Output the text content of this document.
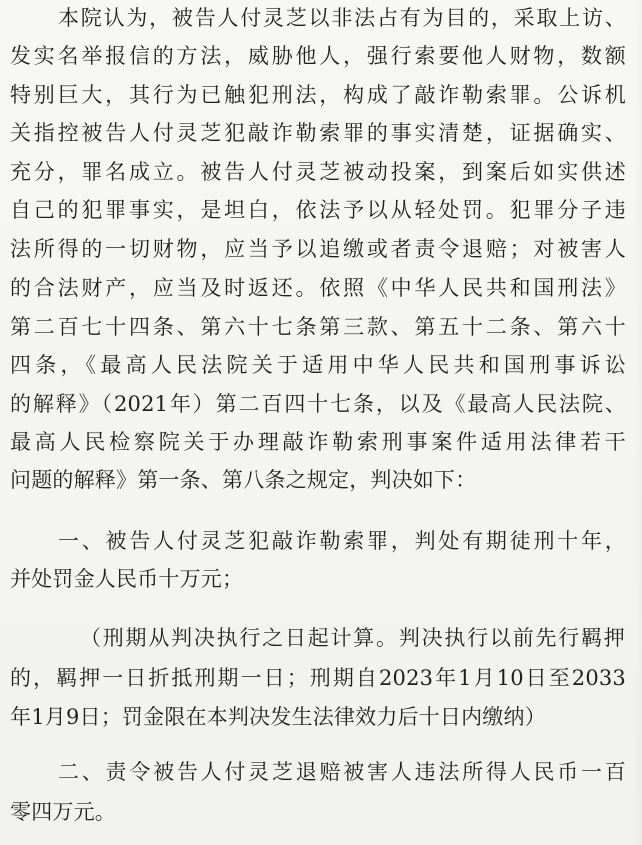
本院认为，被告人付灵芝以非法占有为目的，采取上访、
发实名举报信的方法，威胁他人，强行索要他人财物，数额
特别巨大，其行为已触犯刑法，构成了敲诈勒索罪。公诉机
关指控被告人付灵芝犯敲诈勒索罪的事实清楚，证据确实、
充分，罪名成立。被告人付灵芝被动投案，到案后如实供述
自己的犯罪事实，是坦白，依法予以从轻处罚。犯罪分子违
法所得的一切财物，应当予以追缴或者责令退赔；对被害人
的合法财产，应当及时返还。依照《中华人民共和国刑法》
第二百七十四条、第六十七条第三款、第五十二条、第六十
四条，《最高人民法院关于适用中华人民共和国刑事诉讼
的解释》（2021年）第二百四十七条，以及《最高人民法院、
最高人民检察院关于办理敲诈勒索刑事案件适用法律若干
问题的解释》第一条、第八条之规定，判决如下：
一、被告人付灵芝犯敲诈勒索罪，判处有期徒刑十年，
并处罚金人民币十万元；
（刑期从判决执行之日起计算。判决执行以前先行羁押
的，羁押一日折抵刑期一日；刑期自2023年1月10日至2033
年1月9日；罚金限在本判决发生法律效力后十日内缴纳）
二、责令被告人付灵芝退赔被害人违法所得人民币一百
零四万元。
